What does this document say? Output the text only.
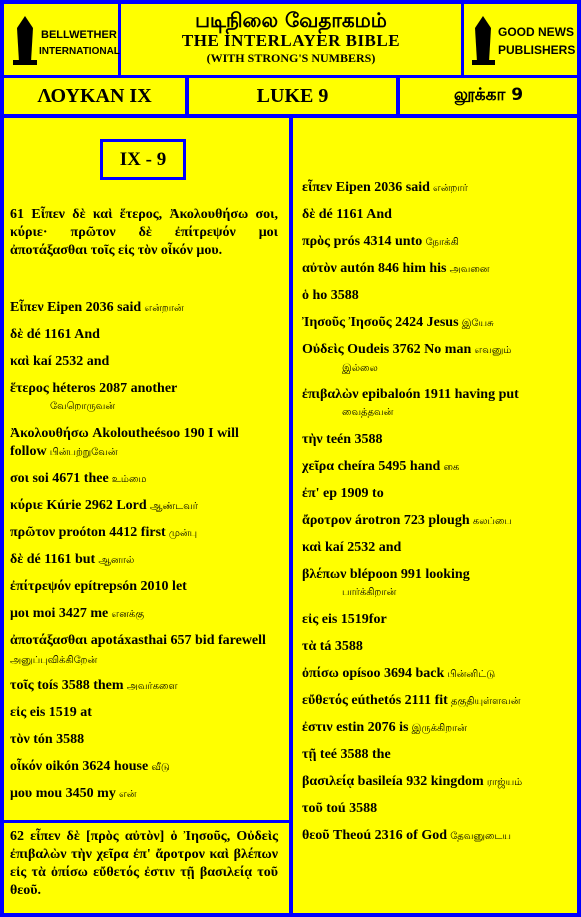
BELLWETHER
INTERNATIONAL
படிநிலை வேதாகமம்
THE INTERLAYER BIBLE
(WITH STRONG'S NUMBERS)
GOOD NEWS
PUBLISHERS
ΛΟΥΚΑΝ IX	LUKE 9	லூக்கா 9
IX - 9
61 Εἶπεν δὲ καὶ ἕτερος, Ἀκολουθήσω σοι, κύριε· πρῶτον δὲ ἐπίτρεψόν μοι ἀποτάξασθαι τοῖς εἰς τὸν οἶκόν μου.
Εἶπεν Eipen 2036 said என்றான்
δὲ dé 1161 And
καὶ kaí 2532 and
ἕτερος héteros 2087 another
வேறொருவன்
Ἀκολουθήσω Akoloutheésoo 190 I will follow பின்பற்றுவேன்
σοι soi 4671 thee உம்மை
κύριε Kúrie 2962 Lord ஆண்டவர்
πρῶτον proóton 4412 first முன்பு
δὲ dé 1161 but ஆனால்
ἐπίτρεψόν epítrepsón 2010 let
μοι moi 3427 me எனக்கு
ἀποτάξασθαι apotáxasthai 657 bid farewell அனுப்புவிக்கிறேன்
τοῖς toís 3588 them அவர்களை
εἰς eis 1519 at
τὸν tón 3588
οἶκόν oikón 3624 house வீடு
μου mou 3450 my என்
62 εἶπεν δὲ [πρὸς αὐτὸν] ὁ Ἰησοῦς, Οὐδεὶς ἐπιβαλὼν τὴν χεῖρα ἐπ' ἄροτρον καὶ βλέπων εἰς τὰ ὀπίσω εὔθετός ἐστιν τῇ βασιλείᾳ τοῦ θεοῦ.
εἶπεν Eipen 2036 said என்றார்
δὲ dé 1161 And
πρὸς prós 4314 unto நோக்கி
αὐτὸν autón 846 him his அவனை
ὁ ho 3588
Ἰησοῦς Ἰησοῦς 2424 Jesus இயேசு
Οὐδεὶς Oudeis 3762 No man எவனும்
இல்லை
ἐπιβαλὼν epibaloón 1911 having put
வைத்தவன்
τὴν teén 3588
χεῖρα cheíra 5495 hand கை
ἐπ' ep 1909 to
ἄροτρον árotron 723 plough கலப்பை
καὶ kaí 2532 and
βλέπων blépoon 991 looking
பார்க்கிறான்
εἰς eis 1519for
τὰ tá 3588
ὀπίσω opísoo 3694 back பின்னிட்டு
εὔθετός eúthetós 2111 fit தகுதியுள்ளவன்
ἐστιν estin 2076 is இருக்கிறான்
τῇ teé 3588 the
βασιλείᾳ basileía 932 kingdom ராஜ்யம்
τοῦ toú 3588
θεοῦ Theoú 2316 of God தேவனுடைய
